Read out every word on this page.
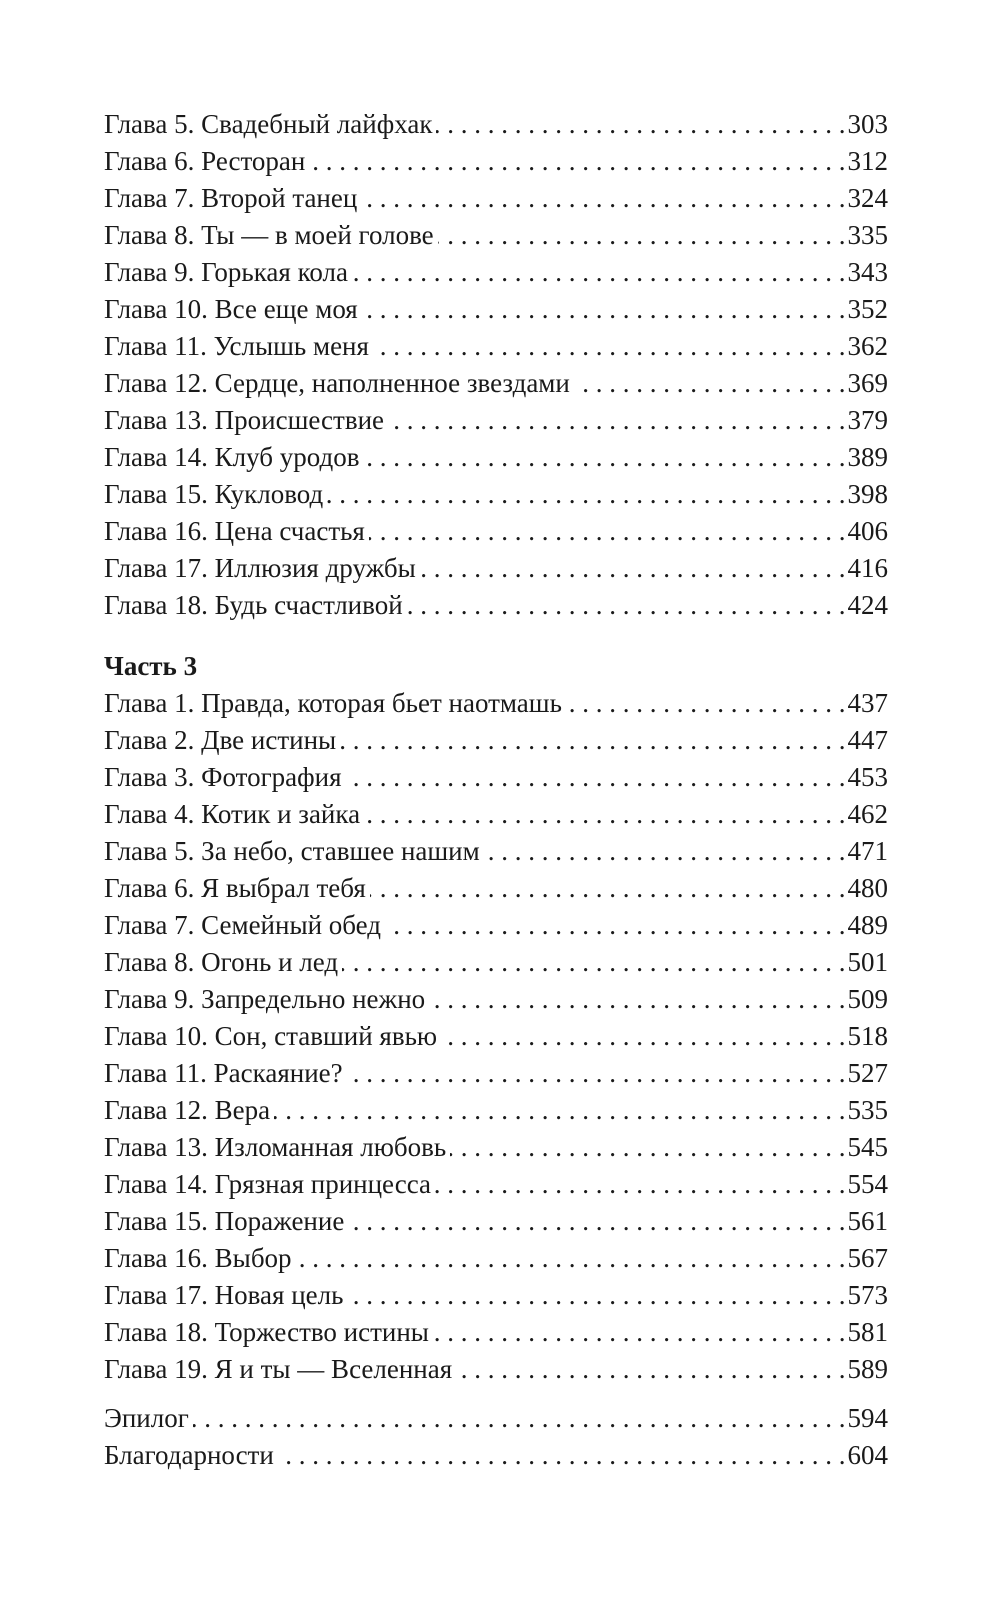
Глава 5. Свадебный лайфхак . . .	303
Глава 6. Ресторан . . .	312
Глава 7. Второй танец . . .	324
Глава 8. Ты — в моей голове . . .	335
Глава 9. Горькая кола . . .	343
Глава 10. Все еще моя . . .	352
Глава 11. Услышь меня . . .	362
Глава 12. Сердце, наполненное звездами . . .	369
Глава 13. Происшествие . . .	379
Глава 14. Клуб уродов . . .	389
Глава 15. Кукловод . . .	398
Глава 16. Цена счастья . . .	406
Глава 17. Иллюзия дружбы . . .	416
Глава 18. Будь счастливой . . .	424
Часть 3
Глава 1. Правда, которая бьет наотмашь . . .	437
Глава 2. Две истины . . .	447
Глава 3. Фотография . . .	453
Глава 4. Котик и зайка . . .	462
Глава 5. За небо, ставшее нашим . . .	471
Глава 6. Я выбрал тебя . . .	480
Глава 7. Семейный обед . . .	489
Глава 8. Огонь и лед . . .	501
Глава 9. Запредельно нежно . . .	509
Глава 10. Сон, ставший явью . . .	518
Глава 11. Раскаяние? . . .	527
Глава 12. Вера . . .	535
Глава 13. Изломанная любовь . . .	545
Глава 14. Грязная принцесса . . .	554
Глава 15. Поражение . . .	561
Глава 16. Выбор . . .	567
Глава 17. Новая цель . . .	573
Глава 18. Торжество истины . . .	581
Глава 19. Я и ты — Вселенная . . .	589
Эпилог . . .	594
Благодарности . . .	604
